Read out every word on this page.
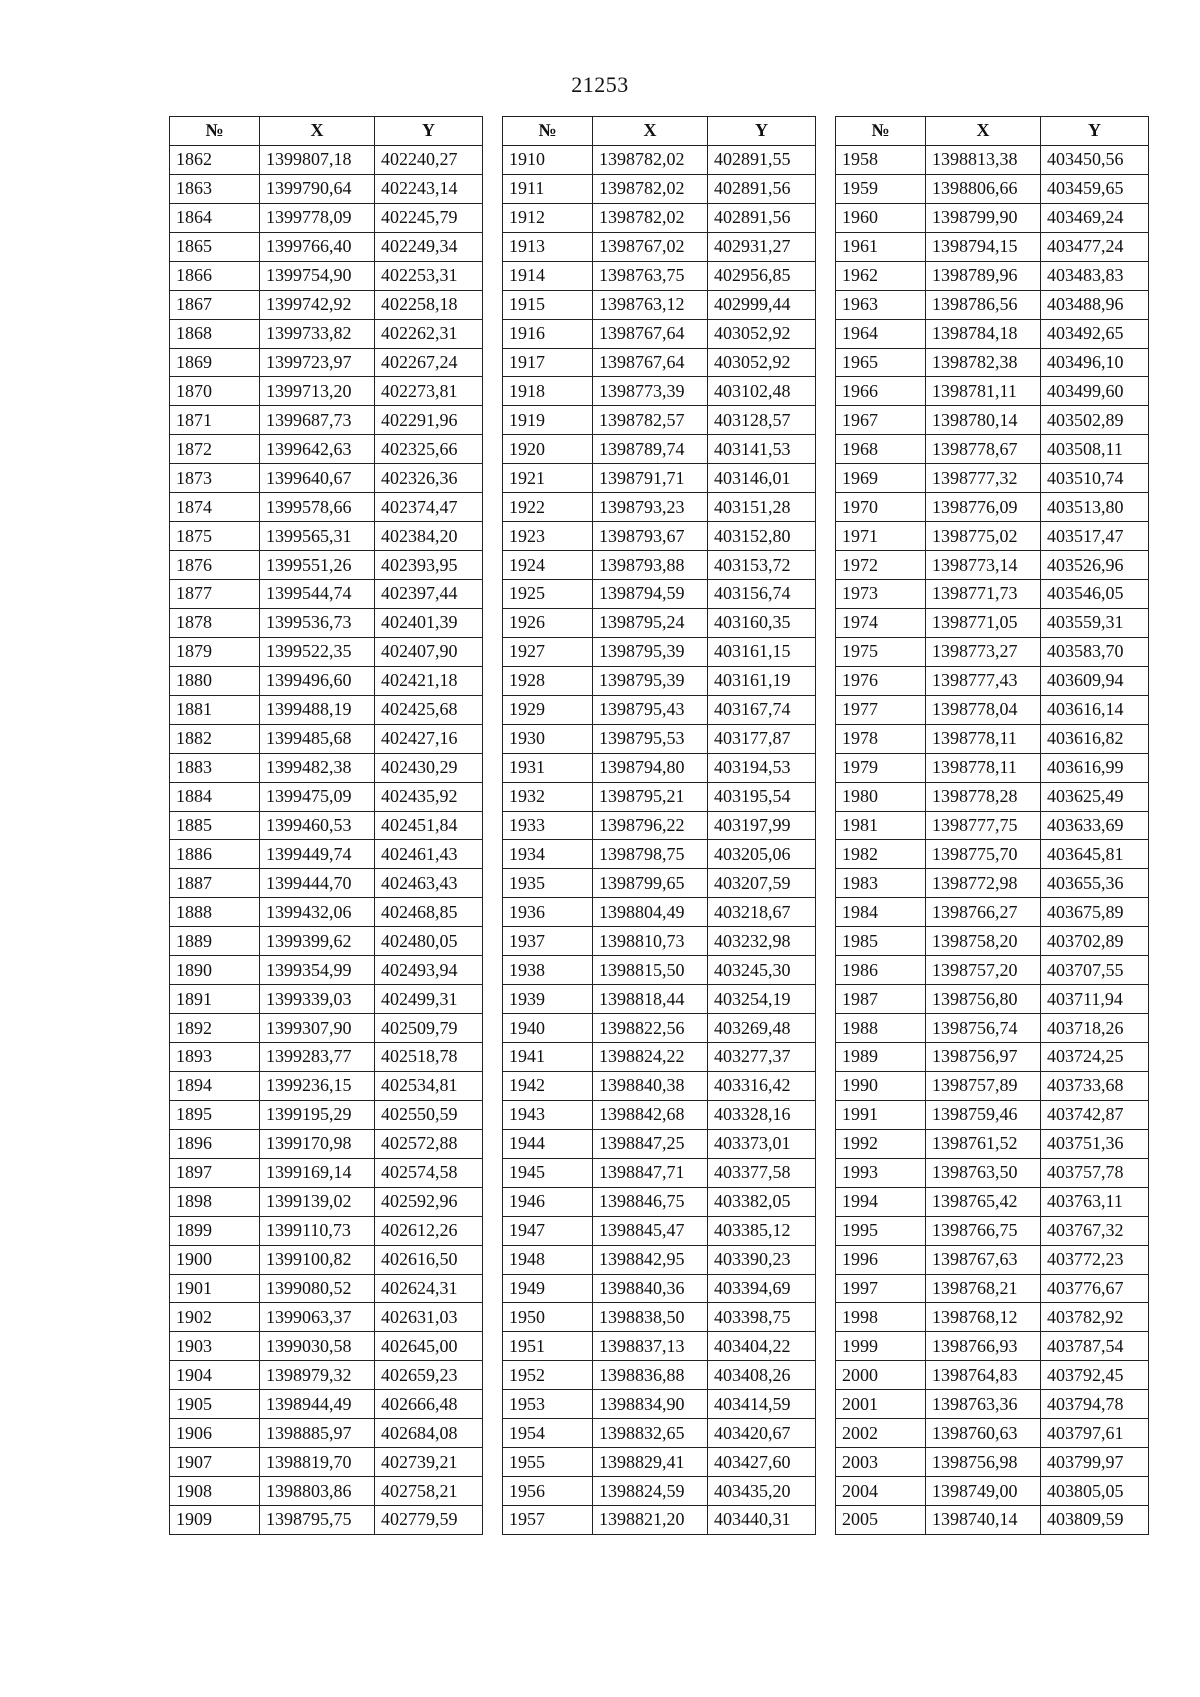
21253
№	X	Y
1862	1399807,18	402240,27
1863	1399790,64	402243,14
1864	1399778,09	402245,79
1865	1399766,40	402249,34
1866	1399754,90	402253,31
1867	1399742,92	402258,18
1868	1399733,82	402262,31
1869	1399723,97	402267,24
1870	1399713,20	402273,81
1871	1399687,73	402291,96
1872	1399642,63	402325,66
1873	1399640,67	402326,36
1874	1399578,66	402374,47
1875	1399565,31	402384,20
1876	1399551,26	402393,95
1877	1399544,74	402397,44
1878	1399536,73	402401,39
1879	1399522,35	402407,90
1880	1399496,60	402421,18
1881	1399488,19	402425,68
1882	1399485,68	402427,16
1883	1399482,38	402430,29
1884	1399475,09	402435,92
1885	1399460,53	402451,84
1886	1399449,74	402461,43
1887	1399444,70	402463,43
1888	1399432,06	402468,85
1889	1399399,62	402480,05
1890	1399354,99	402493,94
1891	1399339,03	402499,31
1892	1399307,90	402509,79
1893	1399283,77	402518,78
1894	1399236,15	402534,81
1895	1399195,29	402550,59
1896	1399170,98	402572,88
1897	1399169,14	402574,58
1898	1399139,02	402592,96
1899	1399110,73	402612,26
1900	1399100,82	402616,50
1901	1399080,52	402624,31
1902	1399063,37	402631,03
1903	1399030,58	402645,00
1904	1398979,32	402659,23
1905	1398944,49	402666,48
1906	1398885,97	402684,08
1907	1398819,70	402739,21
1908	1398803,86	402758,21
1909	1398795,75	402779,59
№	X	Y
1910	1398782,02	402891,55
1911	1398782,02	402891,56
1912	1398782,02	402891,56
1913	1398767,02	402931,27
1914	1398763,75	402956,85
1915	1398763,12	402999,44
1916	1398767,64	403052,92
1917	1398767,64	403052,92
1918	1398773,39	403102,48
1919	1398782,57	403128,57
1920	1398789,74	403141,53
1921	1398791,71	403146,01
1922	1398793,23	403151,28
1923	1398793,67	403152,80
1924	1398793,88	403153,72
1925	1398794,59	403156,74
1926	1398795,24	403160,35
1927	1398795,39	403161,15
1928	1398795,39	403161,19
1929	1398795,43	403167,74
1930	1398795,53	403177,87
1931	1398794,80	403194,53
1932	1398795,21	403195,54
1933	1398796,22	403197,99
1934	1398798,75	403205,06
1935	1398799,65	403207,59
1936	1398804,49	403218,67
1937	1398810,73	403232,98
1938	1398815,50	403245,30
1939	1398818,44	403254,19
1940	1398822,56	403269,48
1941	1398824,22	403277,37
1942	1398840,38	403316,42
1943	1398842,68	403328,16
1944	1398847,25	403373,01
1945	1398847,71	403377,58
1946	1398846,75	403382,05
1947	1398845,47	403385,12
1948	1398842,95	403390,23
1949	1398840,36	403394,69
1950	1398838,50	403398,75
1951	1398837,13	403404,22
1952	1398836,88	403408,26
1953	1398834,90	403414,59
1954	1398832,65	403420,67
1955	1398829,41	403427,60
1956	1398824,59	403435,20
1957	1398821,20	403440,31
№	X	Y
1958	1398813,38	403450,56
1959	1398806,66	403459,65
1960	1398799,90	403469,24
1961	1398794,15	403477,24
1962	1398789,96	403483,83
1963	1398786,56	403488,96
1964	1398784,18	403492,65
1965	1398782,38	403496,10
1966	1398781,11	403499,60
1967	1398780,14	403502,89
1968	1398778,67	403508,11
1969	1398777,32	403510,74
1970	1398776,09	403513,80
1971	1398775,02	403517,47
1972	1398773,14	403526,96
1973	1398771,73	403546,05
1974	1398771,05	403559,31
1975	1398773,27	403583,70
1976	1398777,43	403609,94
1977	1398778,04	403616,14
1978	1398778,11	403616,82
1979	1398778,11	403616,99
1980	1398778,28	403625,49
1981	1398777,75	403633,69
1982	1398775,70	403645,81
1983	1398772,98	403655,36
1984	1398766,27	403675,89
1985	1398758,20	403702,89
1986	1398757,20	403707,55
1987	1398756,80	403711,94
1988	1398756,74	403718,26
1989	1398756,97	403724,25
1990	1398757,89	403733,68
1991	1398759,46	403742,87
1992	1398761,52	403751,36
1993	1398763,50	403757,78
1994	1398765,42	403763,11
1995	1398766,75	403767,32
1996	1398767,63	403772,23
1997	1398768,21	403776,67
1998	1398768,12	403782,92
1999	1398766,93	403787,54
2000	1398764,83	403792,45
2001	1398763,36	403794,78
2002	1398760,63	403797,61
2003	1398756,98	403799,97
2004	1398749,00	403805,05
2005	1398740,14	403809,59
